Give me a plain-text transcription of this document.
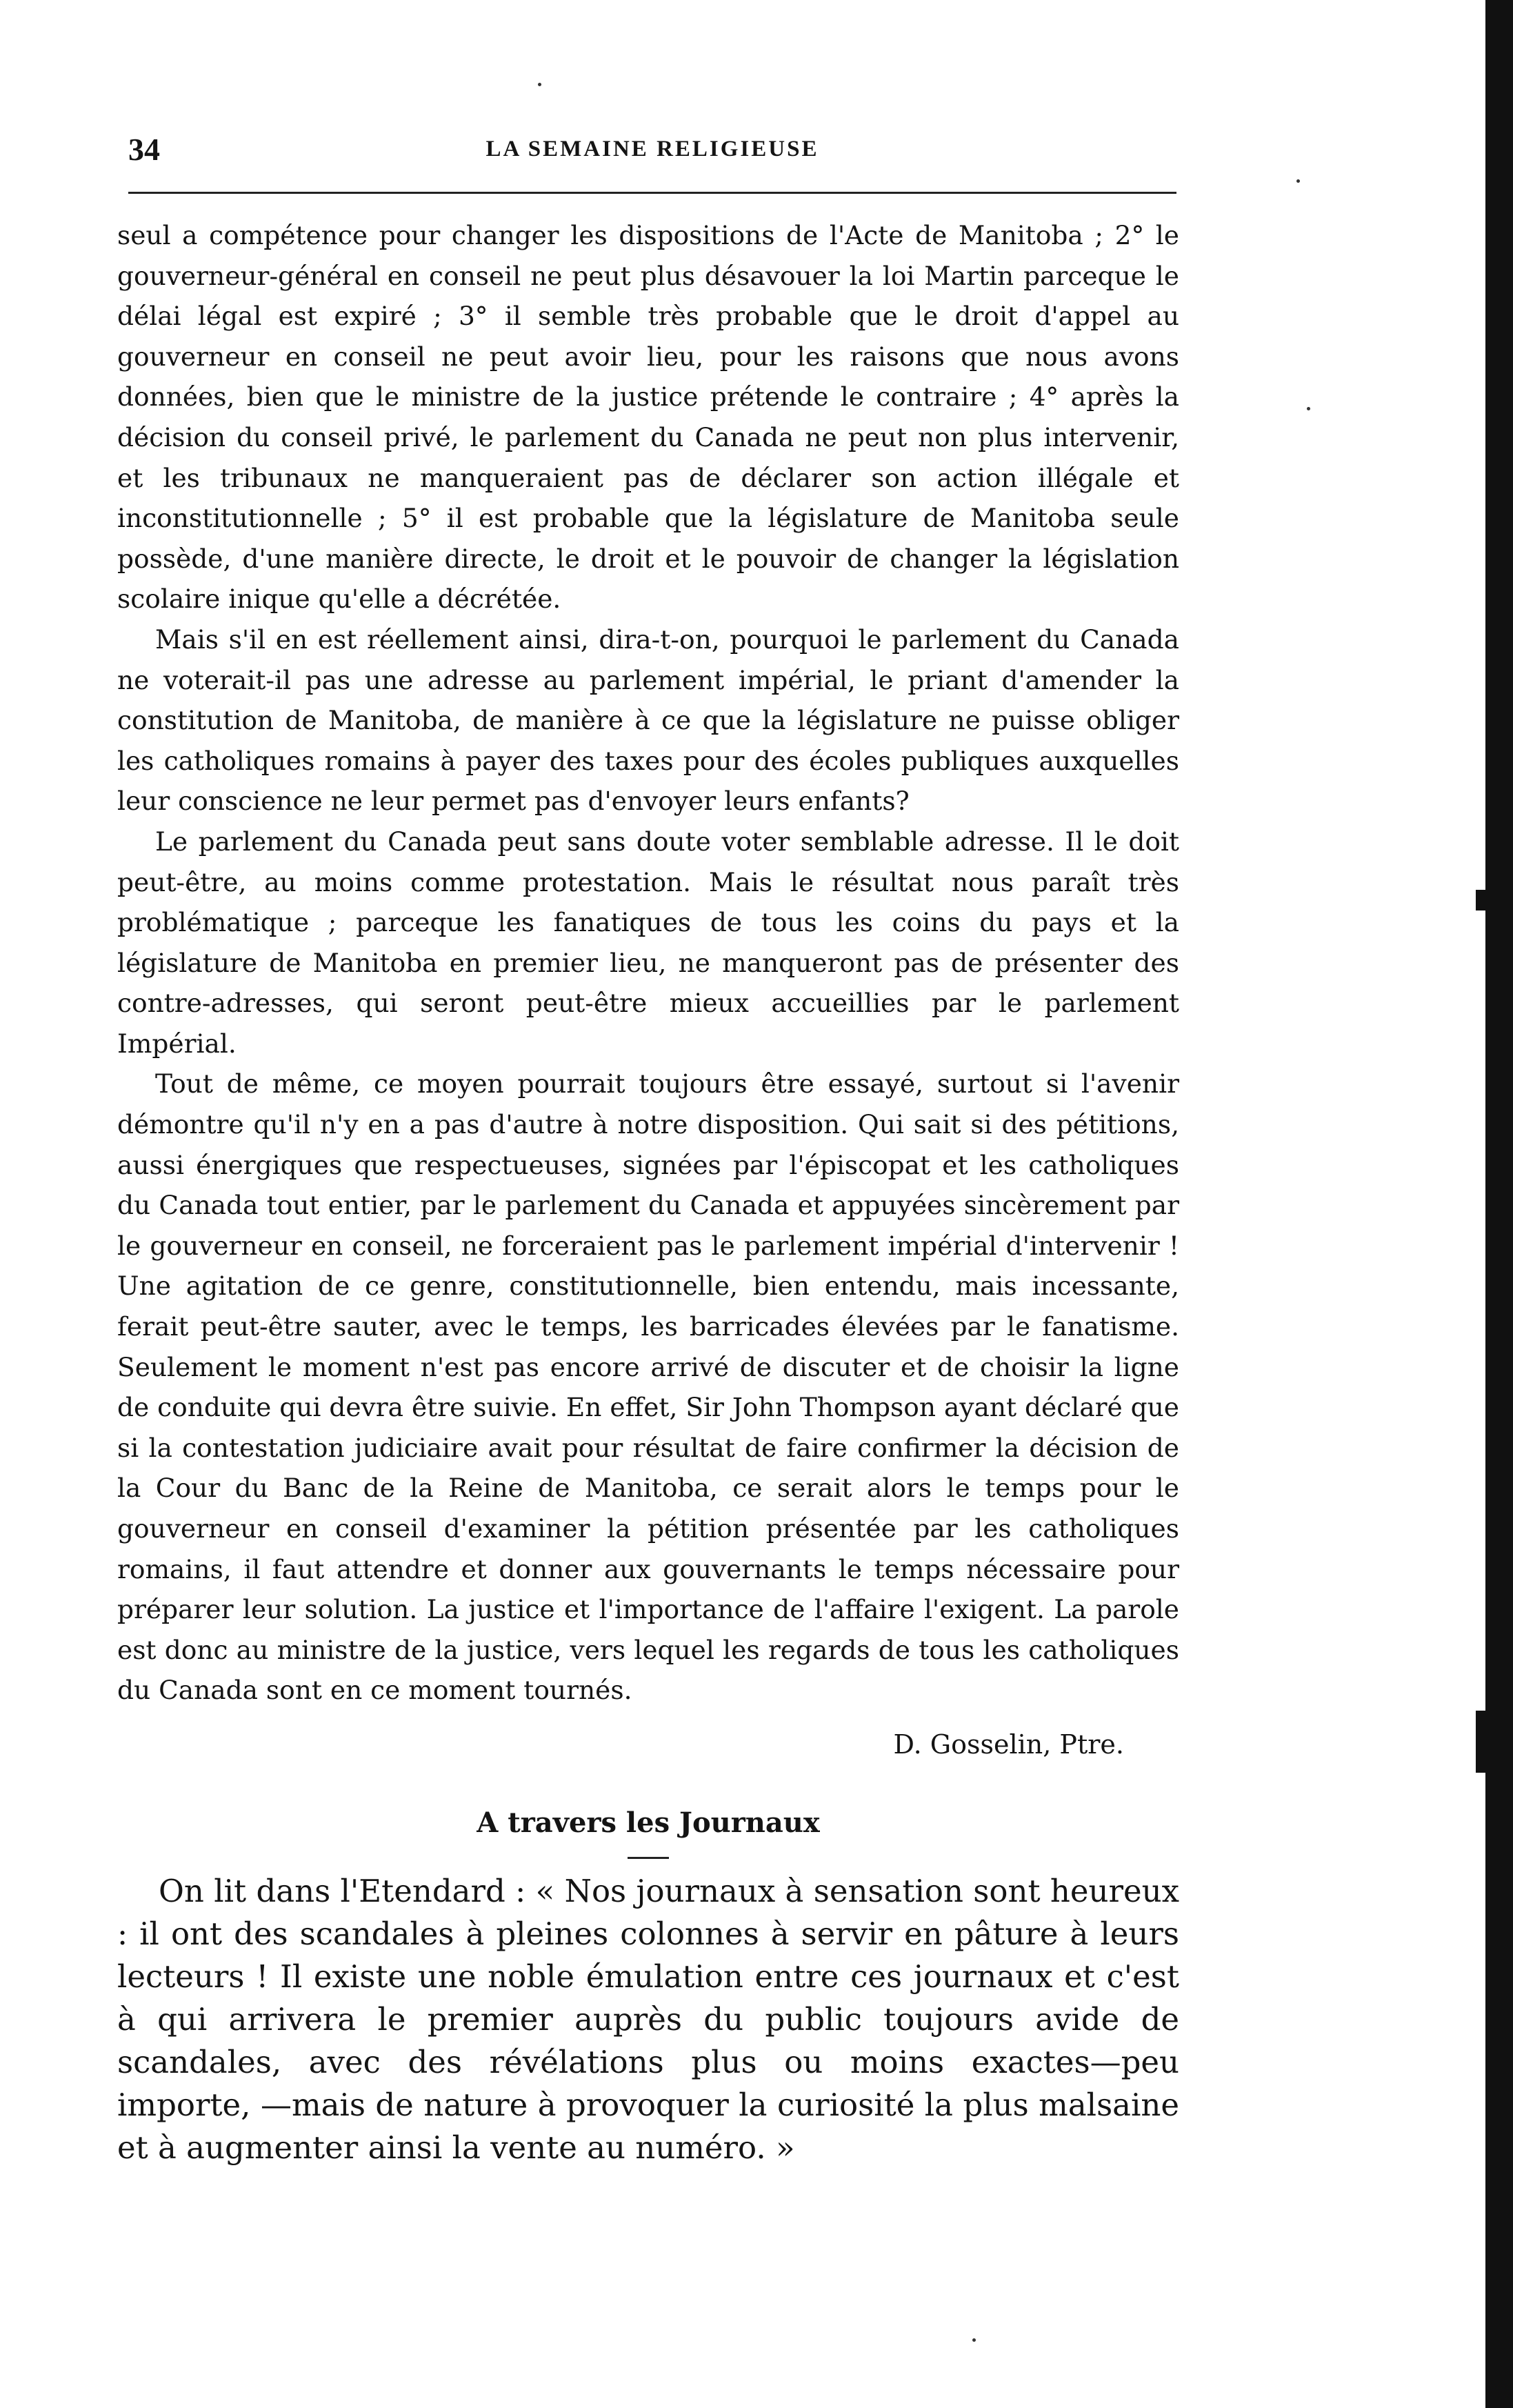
34	LA SEMAINE RELIGIEUSE

seul a compétence pour changer les dispositions de l'Acte de Manitoba ; 2° le gouverneur-général en conseil ne peut plus désavouer la loi Martin parceque le délai légal est expiré ; 3° il semble très probable que le droit d'appel au gouverneur en conseil ne peut avoir lieu, pour les raisons que nous avons données, bien que le ministre de la justice prétende le contraire ; 4° après la décision du conseil privé, le parlement du Canada ne peut non plus intervenir, et les tribunaux ne manqueraient pas de déclarer son action illégale et inconstitutionnelle ; 5° il est probable que la législature de Manitoba seule possède, d'une manière directe, le droit et le pouvoir de changer la législation scolaire inique qu'elle a décrétée.

Mais s'il en est réellement ainsi, dira-t-on, pourquoi le parlement du Canada ne voterait-il pas une adresse au parlement impérial, le priant d'amender la constitution de Manitoba, de manière à ce que la législature ne puisse obliger les catholiques romains à payer des taxes pour des écoles publiques auxquelles leur conscience ne leur permet pas d'envoyer leurs enfants?

Le parlement du Canada peut sans doute voter semblable adresse. Il le doit peut-être, au moins comme protestation. Mais le résultat nous paraît très problématique ; parceque les fanatiques de tous les coins du pays et la législature de Manitoba en premier lieu, ne manqueront pas de présenter des contre-adresses, qui seront peut-être mieux accueillies par le parlement Impérial.

Tout de même, ce moyen pourrait toujours être essayé, surtout si l'avenir démontre qu'il n'y en a pas d'autre à notre disposition. Qui sait si des pétitions, aussi énergiques que respectueuses, signées par l'épiscopat et les catholiques du Canada tout entier, par le parlement du Canada et appuyées sincèrement par le gouverneur en conseil, ne forceraient pas le parlement impérial d'intervenir ! Une agitation de ce genre, constitutionnelle, bien entendu, mais incessante, ferait peut-être sauter, avec le temps, les barricades élevées par le fanatisme. Seulement le moment n'est pas encore arrivé de discuter et de choisir la ligne de conduite qui devra être suivie. En effet, Sir John Thompson ayant déclaré que si la contestation judiciaire avait pour résultat de faire confirmer la décision de la Cour du Banc de la Reine de Manitoba, ce serait alors le temps pour le gouverneur en conseil d'examiner la pétition présentée par les catholiques romains, il faut attendre et donner aux gouvernants le temps nécessaire pour préparer leur solution. La justice et l'importance de l'affaire l'exigent. La parole est donc au ministre de la justice, vers lequel les regards de tous les catholiques du Canada sont en ce moment tournés.

D. Gosselin, Ptre.
A travers les Journaux

On lit dans l'Etendard : « Nos journaux à sensation sont heureux : il ont des scandales à pleines colonnes à servir en pâture à leurs lecteurs ! Il existe une noble émulation entre ces journaux et c'est à qui arrivera le premier auprès du public toujours avide de scandales, avec des révélations plus ou moins exactes—peu importe, —mais de nature à provoquer la curiosité la plus malsaine et à augmenter ainsi la vente au numéro. »
